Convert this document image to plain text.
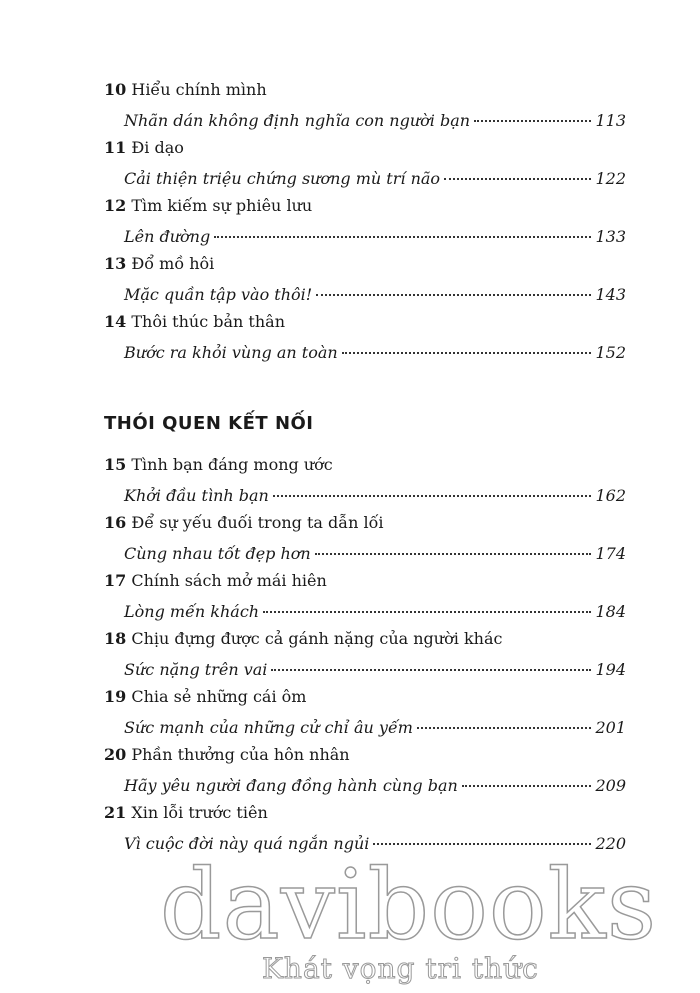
10 Hiểu chính mình
Nhãn dán không định nghĩa con người bạn	113
11 Đi dạo
Cải thiện triệu chứng sương mù trí não	122
12 Tìm kiếm sự phiêu lưu
Lên đường	133
13 Đổ mồ hôi
Mặc quần tập vào thôi!	143
14 Thôi thúc bản thân
Bước ra khỏi vùng an toàn	152
THÓI QUEN KẾT NỐI
15 Tình bạn đáng mong ước
Khởi đầu tình bạn	162
16 Để sự yếu đuối trong ta dẫn lối
Cùng nhau tốt đẹp hơn	174
17 Chính sách mở mái hiên
Lòng mến khách	184
18 Chịu đựng được cả gánh nặng của người khác
Sức nặng trên vai	194
19 Chia sẻ những cái ôm
Sức mạnh của những cử chỉ âu yếm	201
20 Phần thưởng của hôn nhân
Hãy yêu người đang đồng hành cùng bạn	209
21 Xin lỗi trước tiên
Vì cuộc đời này quá ngắn ngủi	220
davibooks
Khát vọng tri thức
